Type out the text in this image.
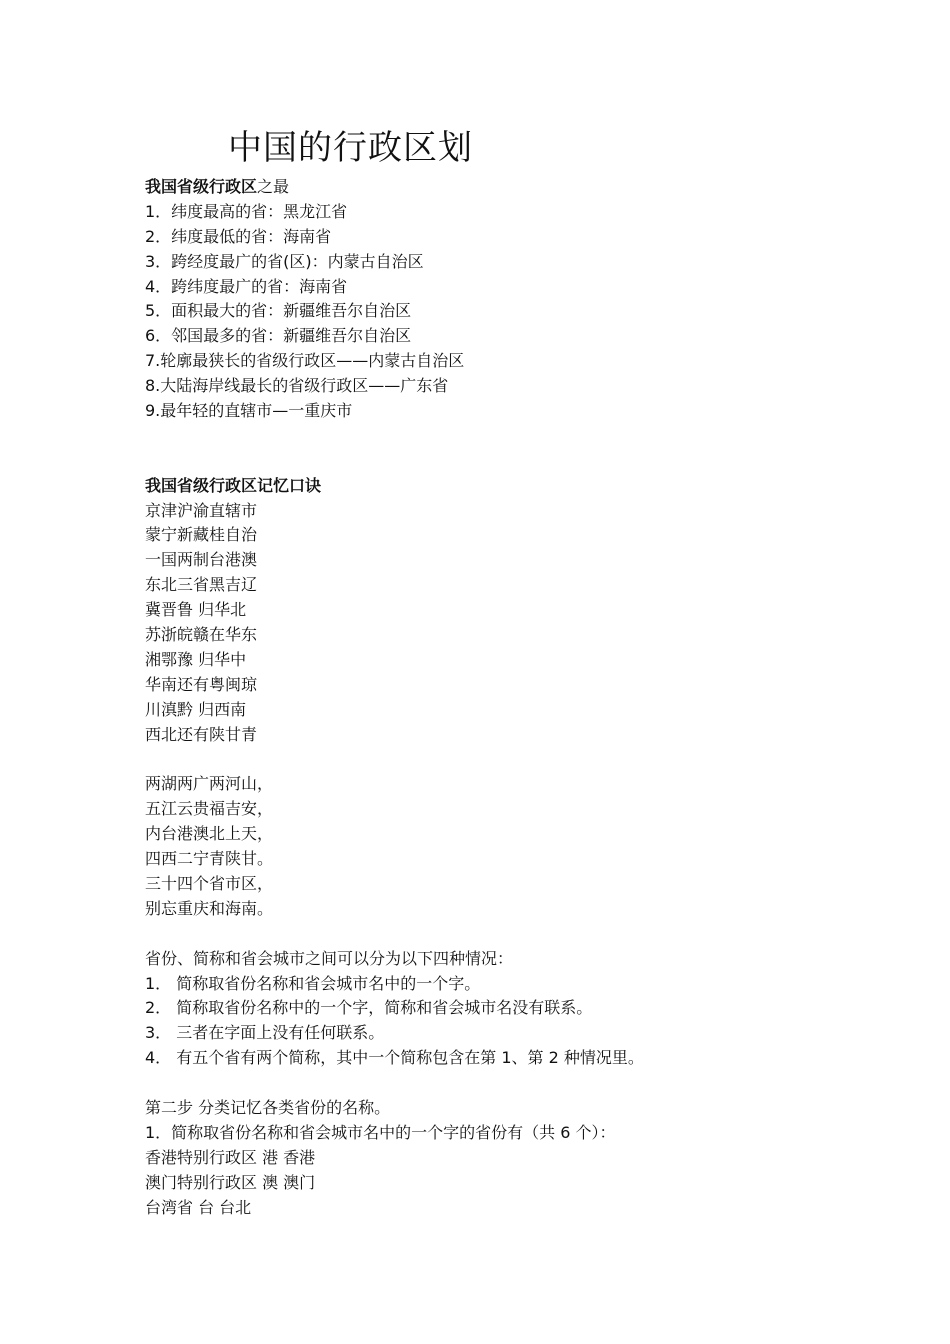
中国的行政区划

我国省级行政区之最

1．纬度最高的省：黑龙江省

2．纬度最低的省：海南省

3．跨经度最广的省(区)：内蒙古自治区

4．跨纬度最广的省：海南省

5．面积最大的省：新疆维吾尔自治区

6．邻国最多的省：新疆维吾尔自治区

7.轮廓最狭长的省级行政区——内蒙古自治区

8.大陆海岸线最长的省级行政区——广东省

9.最年轻的直辖市—一重庆市

我国省级行政区记忆口诀

京津沪渝直辖市

蒙宁新藏桂自治

一国两制台港澳

东北三省黑吉辽

冀晋鲁 归华北

苏浙皖赣在华东

湘鄂豫 归华中

华南还有粤闽琼

川滇黔 归西南

西北还有陕甘青

两湖两广两河山，

五江云贵福吉安，

内台港澳北上天，

四西二宁青陕甘。

三十四个省市区，

别忘重庆和海南。

省份、简称和省会城市之间可以分为以下四种情况：

1． 简称取省份名称和省会城市名中的一个字。

2． 简称取省份名称中的一个字，简称和省会城市名没有联系。

3． 三者在字面上没有任何联系。

4． 有五个省有两个简称，其中一个简称包含在第 1、第 2 种情况里。

第二步 分类记忆各类省份的名称。

1．简称取省份名称和省会城市名中的一个字的省份有（共 6 个）：

香港特别行政区 港 香港

澳门特别行政区 澳 澳门

台湾省 台 台北
